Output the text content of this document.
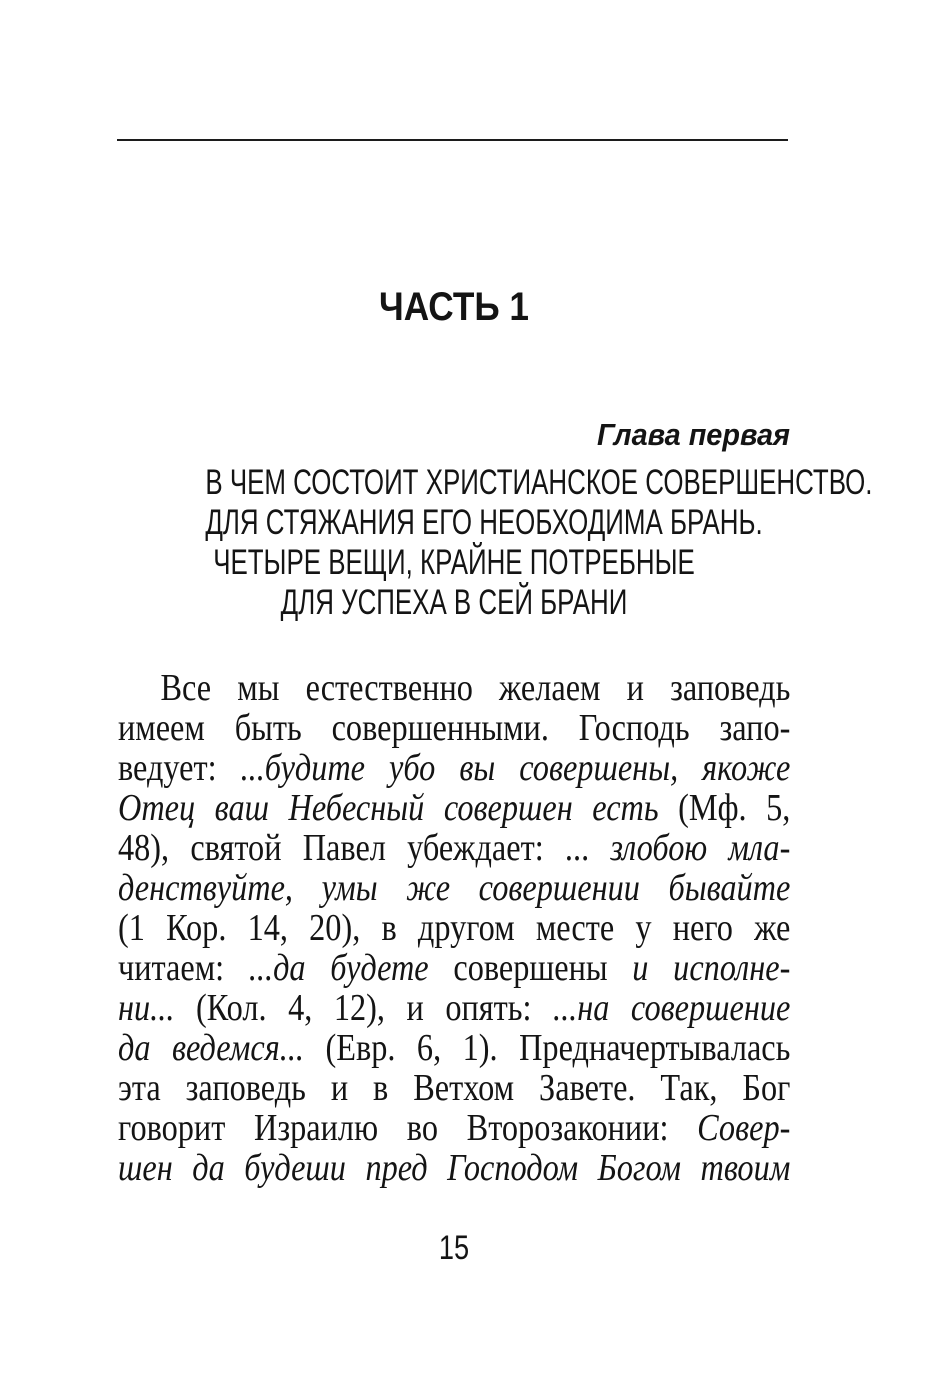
ЧАСТЬ 1
Глава первая
В ЧЕМ СОСТОИТ ХРИСТИАНСКОЕ СОВЕРШЕНСТВО.
ДЛЯ СТЯЖАНИЯ ЕГО НЕОБХОДИМА БРАНЬ.
ЧЕТЫРЕ ВЕЩИ, КРАЙНЕ ПОТРЕБНЫЕ
ДЛЯ УСПЕХА В СЕЙ БРАНИ
Все мы естественно желаем и заповедь
имеем быть совершенными. Господь запо-
ведует: ...будите убо вы совершены, якоже
Отец ваш Небесный совершен есть (Мф. 5,
48), святой Павел убеждает: ... злобою мла-
денствуйте, умы же совершении бывайте
(1 Кор. 14, 20), в другом месте у него же
читаем: ...да будете совершены и исполне-
ни... (Кол. 4, 12), и опять: ...на совершение
да ведемся... (Евр. 6, 1). Предначертывалась
эта заповедь и в Ветхом Завете. Так, Бог
говорит Израилю во Второзаконии: Совер-
шен да будеши пред Господом Богом твоим
15
